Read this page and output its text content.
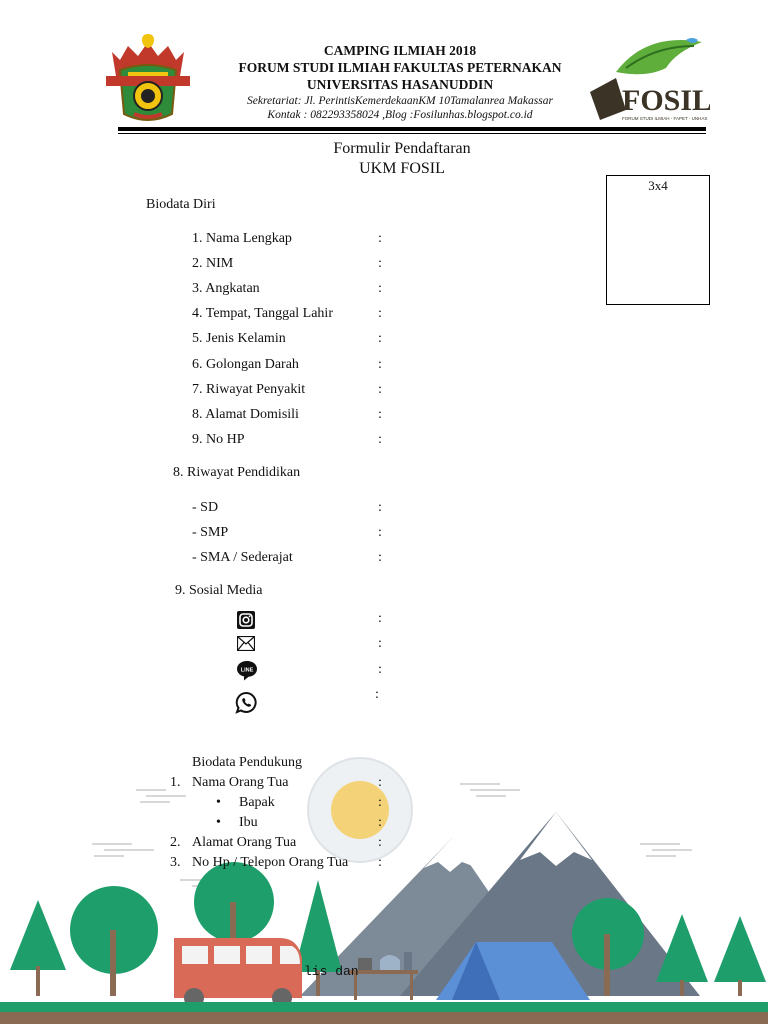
CAMPING ILMIAH 2018
FORUM STUDI ILMIAH FAKULTAS PETERNAKAN
UNIVERSITAS HASANUDDIN
Sekretariat: Jl. PerintisKemerdekaanKM 10Tamalanrea Makassar
Kontak : 082293358024 ,Blog :Fosilunhas.blogspot.co.id	FOSIL
FORUM STUDI ILMIAH - FAPET - UNHAS
Formulir Pendaftaran
UKM FOSIL
3x4
Biodata Diri
1. Nama Lengkap	:
2. NIM	:
3. Angkatan	:
4. Tempat, Tanggal Lahir	:
5. Jenis Kelamin	:
6. Golongan Darah	:
7. Riwayat Penyakit	:
8. Alamat Domisili	:
9. No HP	:
8. Riwayat Pendidikan
- SD	:
- SMP	:
- SMA / Sederajat	:
9. Sosial Media
:
:
LINE	:
:
Biodata Pendukung
1. Nama Orang Tua	:
• Bapak	:
• Ibu	:
2. Alamat Orang Tua	:
3. No Hp / Telepon Orang Tua :
lis dan
